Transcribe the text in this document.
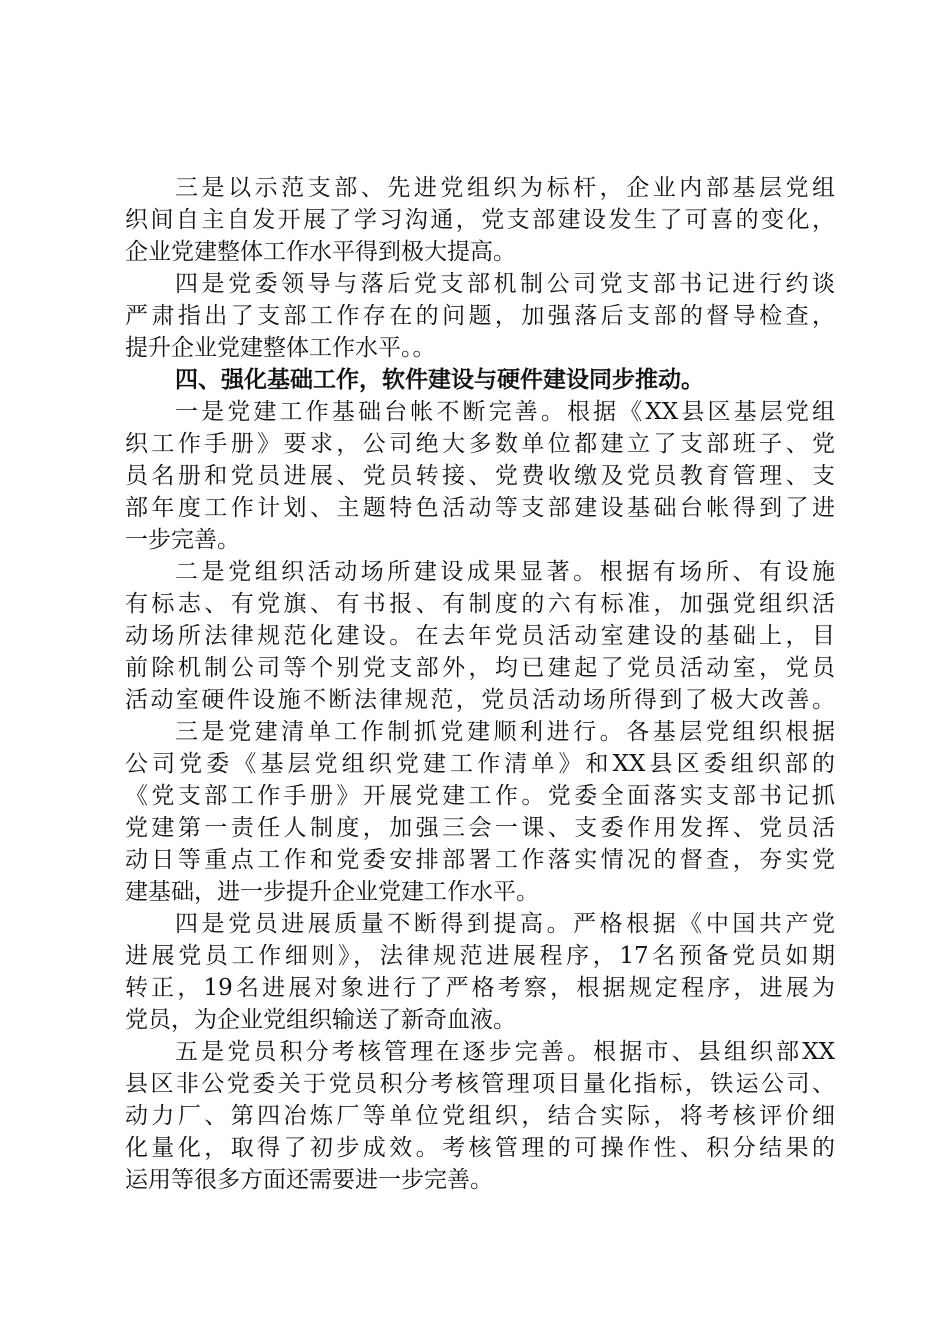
三是以示范支部、先进党组织为标杆，企业内部基层党组
织间自主自发开展了学习沟通，党支部建设发生了可喜的变化，
企业党建整体工作水平得到极大提高。
四是党委领导与落后党支部机制公司党支部书记进行约谈
严肃指出了支部工作存在的问题，加强落后支部的督导检查，
提升企业党建整体工作水平。。
四、强化基础工作，软件建设与硬件建设同步推动。
一是党建工作基础台帐不断完善。根据《XX县区基层党组
织工作手册》要求，公司绝大多数单位都建立了支部班子、党
员名册和党员进展、党员转接、党费收缴及党员教育管理、支
部年度工作计划、主题特色活动等支部建设基础台帐得到了进
一步完善。
二是党组织活动场所建设成果显著。根据有场所、有设施
有标志、有党旗、有书报、有制度的六有标准，加强党组织活
动场所法律规范化建设。在去年党员活动室建设的基础上，目
前除机制公司等个别党支部外，均已建起了党员活动室，党员
活动室硬件设施不断法律规范，党员活动场所得到了极大改善。
三是党建清单工作制抓党建顺利进行。各基层党组织根据
公司党委《基层党组织党建工作清单》和XX县区委组织部的
《党支部工作手册》开展党建工作。党委全面落实支部书记抓
党建第一责任人制度，加强三会一课、支委作用发挥、党员活
动日等重点工作和党委安排部署工作落实情况的督查，夯实党
建基础，进一步提升企业党建工作水平。
四是党员进展质量不断得到提高。严格根据《中国共产党
进展党员工作细则》，法律规范进展程序，17名预备党员如期
转正，19名进展对象进行了严格考察，根据规定程序，进展为
党员，为企业党组织输送了新奇血液。
五是党员积分考核管理在逐步完善。根据市、县组织部XX
县区非公党委关于党员积分考核管理项目量化指标，铁运公司、
动力厂、第四冶炼厂等单位党组织，结合实际，将考核评价细
化量化，取得了初步成效。考核管理的可操作性、积分结果的
运用等很多方面还需要进一步完善。
